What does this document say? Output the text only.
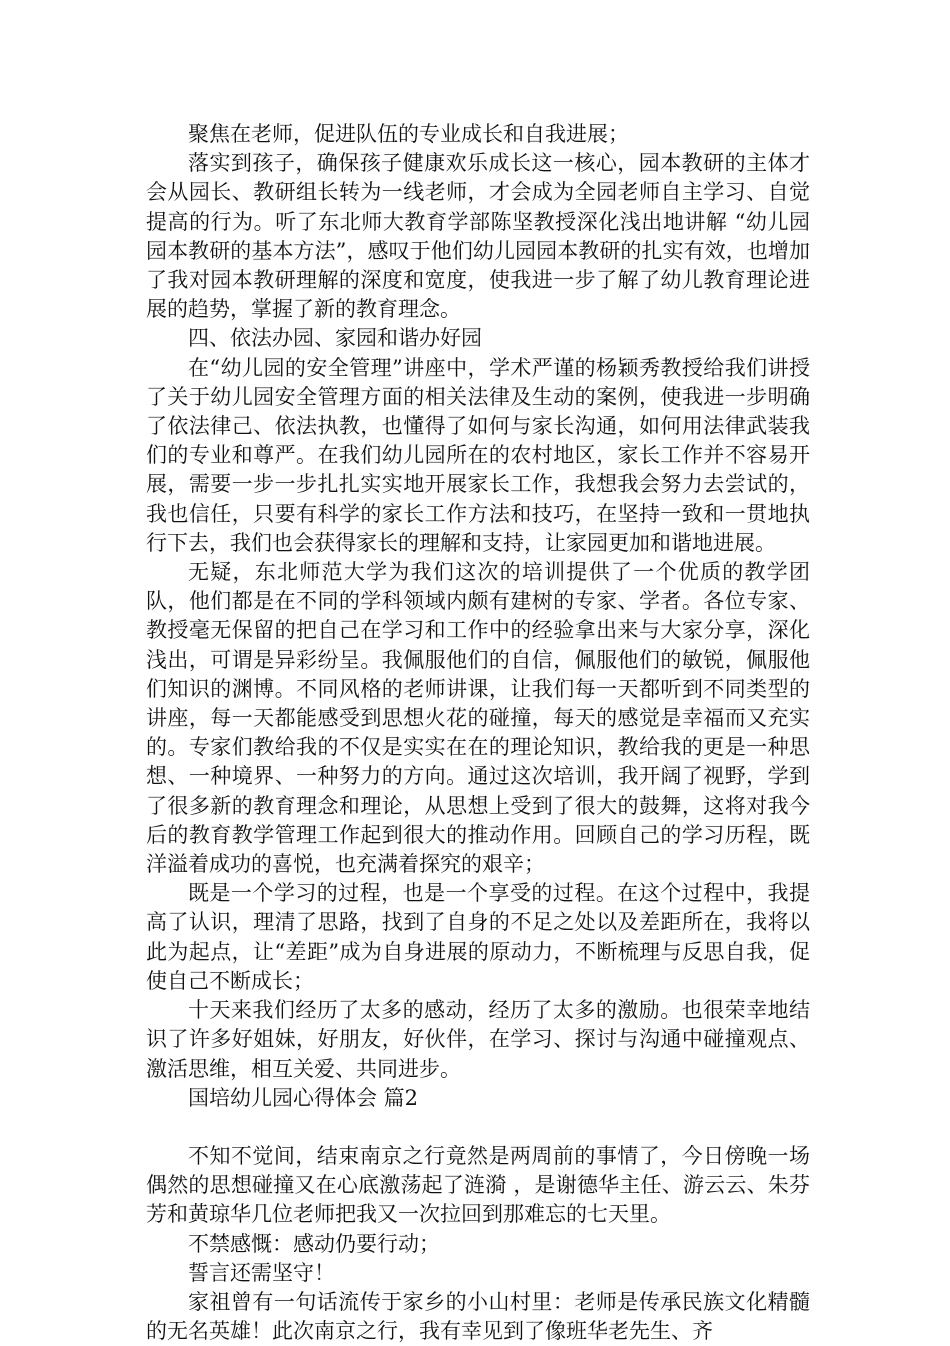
聚焦在老师，促进队伍的专业成长和自我进展；

落实到孩子，确保孩子健康欢乐成长这一核心，园本教研的主体才会从园长、教研组长转为一线老师，才会成为全园老师自主学习、自觉提高的行为。听了东北师大教育学部陈坚教授深化浅出地讲解 “幼儿园园本教研的基本方法”，感叹于他们幼儿园园本教研的扎实有效，也增加了我对园本教研理解的深度和宽度，使我进一步了解了幼儿教育理论进展的趋势，掌握了新的教育理念。

四、依法办园、家园和谐办好园

在“幼儿园的安全管理”讲座中，学术严谨的杨颖秀教授给我们讲授了关于幼儿园安全管理方面的相关法律及生动的案例，使我进一步明确了依法律己、依法执教，也懂得了如何与家长沟通，如何用法律武装我们的专业和尊严。在我们幼儿园所在的农村地区，家长工作并不容易开展，需要一步一步扎扎实实地开展家长工作，我想我会努力去尝试的，我也信任，只要有科学的家长工作方法和技巧，在坚持一致和一贯地执行下去，我们也会获得家长的理解和支持，让家园更加和谐地进展。

无疑，东北师范大学为我们这次的培训提供了一个优质的教学团队，他们都是在不同的学科领域内颇有建树的专家、学者。各位专家、教授毫无保留的把自己在学习和工作中的经验拿出来与大家分享，深化浅出，可谓是异彩纷呈。我佩服他们的自信，佩服他们的敏锐，佩服他们知识的渊博。不同风格的老师讲课，让我们每一天都听到不同类型的讲座，每一天都能感受到思想火花的碰撞，每天的感觉是幸福而又充实的。专家们教给我的不仅是实实在在的理论知识，教给我的更是一种思想、一种境界、一种努力的方向。通过这次培训，我开阔了视野，学到了很多新的教育理念和理论，从思想上受到了很大的鼓舞，这将对我今后的教育教学管理工作起到很大的推动作用。回顾自己的学习历程，既洋溢着成功的喜悦，也充满着探究的艰辛；

既是一个学习的过程，也是一个享受的过程。在这个过程中，我提高了认识，理清了思路，找到了自身的不足之处以及差距所在，我将以此为起点，让“差距”成为自身进展的原动力，不断梳理与反思自我，促使自己不断成长；

十天来我们经历了太多的感动，经历了太多的激励。也很荣幸地结识了许多好姐妹，好朋友，好伙伴，在学习、探讨与沟通中碰撞观点、激活思维，相互关爱、共同进步。

国培幼儿园心得体会 篇2

不知不觉间，结束南京之行竟然是两周前的事情了，今日傍晚一场偶然的思想碰撞又在心底激荡起了涟漪 ，是谢德华主任、游云云、朱芬芳和黄琼华几位老师把我又一次拉回到那难忘的七天里。

不禁感慨：感动仍要行动；

誓言还需坚守！

家祖曾有一句话流传于家乡的小山村里：老师是传承民族文化精髓的无名英雄！此次南京之行，我有幸见到了像班华老先生、齐
